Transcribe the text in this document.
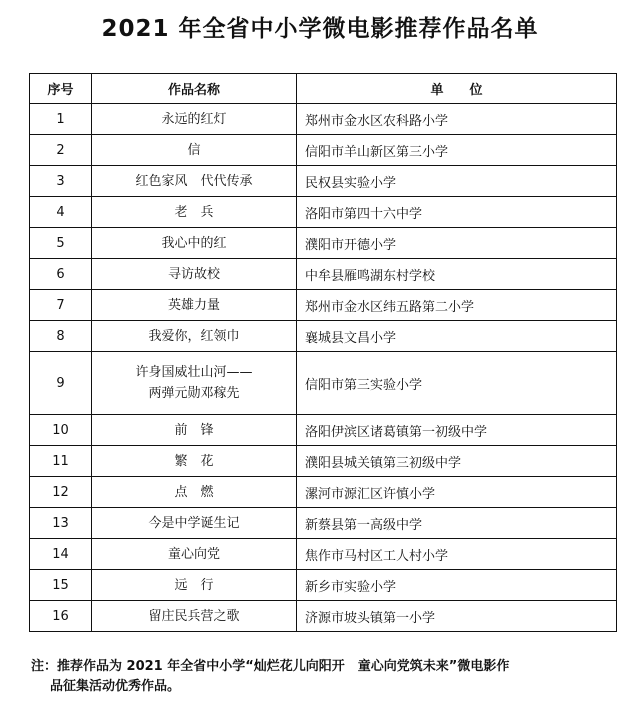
2021 年全省中小学微电影推荐作品名单
序号	作品名称	单　　位
1	永远的红灯	郑州市金水区农科路小学
2	信	信阳市羊山新区第三小学
3	红色家风　代代传承	民权县实验小学
4	老　兵	洛阳市第四十六中学
5	我心中的红	濮阳市开德小学
6	寻访故校	中牟县雁鸣湖东村学校
7	英雄力量	郑州市金水区纬五路第二小学
8	我爱你，红领巾	襄城县文昌小学
9	许身国威壮山河——
两弹元勋邓稼先	信阳市第三实验小学
10	前　锋	洛阳伊滨区诸葛镇第一初级中学
11	繁　花	濮阳县城关镇第三初级中学
12	点　燃	漯河市源汇区许慎小学
13	今是中学诞生记	新蔡县第一高级中学
14	童心向党	焦作市马村区工人村小学
15	远　行	新乡市实验小学
16	留庄民兵营之歌	济源市坡头镇第一小学
注：推荐作品为 2021 年全省中小学“灿烂花儿向阳开　童心向党筑未来”微电影作
品征集活动优秀作品。
